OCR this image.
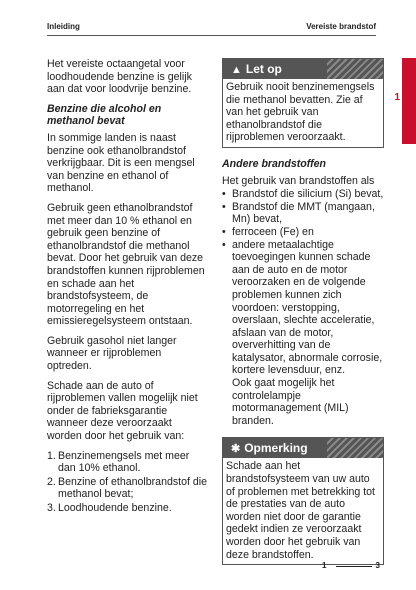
Inleiding	Vereiste brandstof
1

Het vereiste octaangetal voor loodhoudende benzine is gelijk aan dat voor loodvrije benzine.

Benzine die alcohol en methanol bevat

In sommige landen is naast benzine ook ethanolbrandstof verkrijgbaar. Dit is een mengsel van benzine en ethanol of methanol.

Gebruik geen ethanolbrandstof met meer dan 10 % ethanol en gebruik geen benzine of ethanolbrandstof die methanol bevat. Door het gebruik van deze brandstoffen kunnen rijproblemen en schade aan het brandstofsysteem, de motorregeling en het emissieregelsysteem ontstaan.

Gebruik gasohol niet langer wanneer er rijproblemen optreden.

Schade aan de auto of rijproblemen vallen mogelijk niet onder de fabrieksgarantie wanneer deze veroorzaakt worden door het gebruik van:

1. Benzinemengsels met meer dan 10% ethanol.
2. Benzine of ethanolbrandstof die methanol bevat;
3. Loodhoudende benzine.
▲ Let op
Gebruik nooit benzinemengsels die methanol bevatten. Zie af van het gebruik van ethanolbrandstof die rijproblemen veroorzaakt.
Andere brandstoffen

Het gebruik van brandstoffen als

• Brandstof die silicium (Si) bevat,
• Brandstof die MMT (mangaan, Mn) bevat,
• ferroceen (Fe) en
• andere metaalachtige toevoegingen kunnen schade aan de auto en de motor veroorzaken en de volgende problemen kunnen zich voordoen: verstopping, overslaan, slechte acceleratie, afslaan van de motor, oververhitting van de katalysator, abnormale corrosie, kortere levensduur, enz.

Ook gaat mogelijk het controlelampje motormanagement (MIL) branden.

✱ Opmerking
Schade aan het brandstofsysteem van uw auto of problemen met betrekking tot de prestaties van de auto worden niet door de garantie gedekt indien ze veroorzaakt worden door het gebruik van deze brandstoffen.
1	3
